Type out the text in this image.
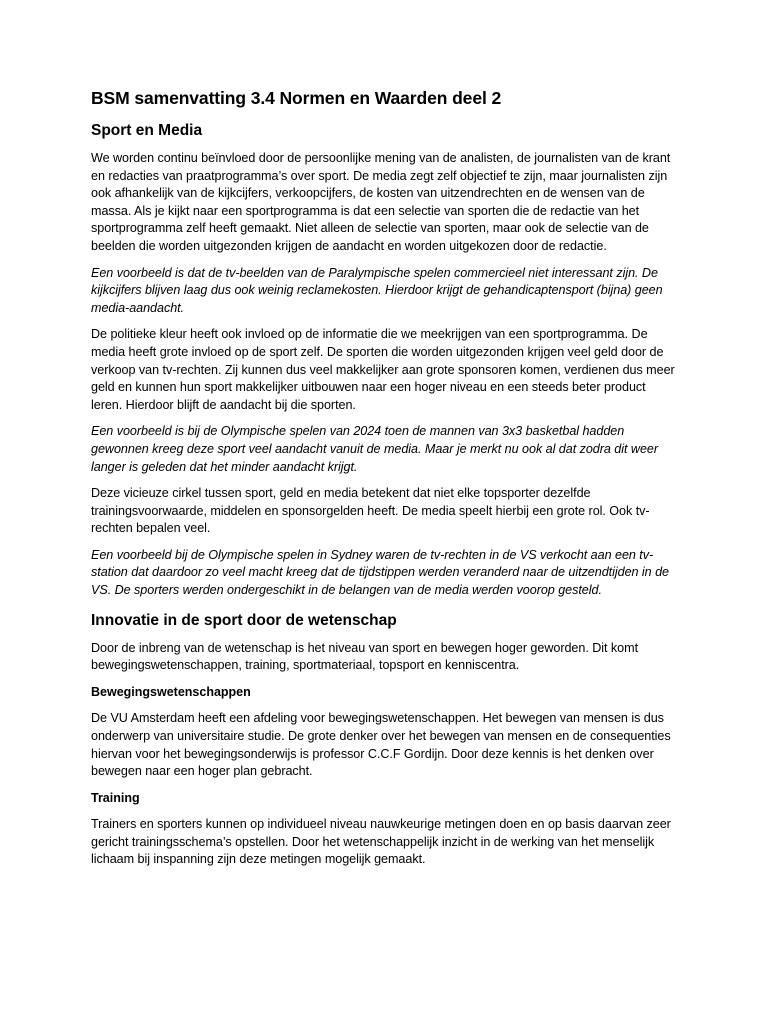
BSM samenvatting 3.4 Normen en Waarden deel 2
Sport en Media

We worden continu beïnvloed door de persoonlijke mening van de analisten, de journalisten van de krant en redacties van praatprogramma’s over sport. De media zegt zelf objectief te zijn, maar journalisten zijn ook afhankelijk van de kijkcijfers, verkoopcijfers, de kosten van uitzendrechten en de wensen van de massa. Als je kijkt naar een sportprogramma is dat een selectie van sporten die de redactie van het sportprogramma zelf heeft gemaakt. Niet alleen de selectie van sporten, maar ook de selectie van de beelden die worden uitgezonden krijgen de aandacht en worden uitgekozen door de redactie.

Een voorbeeld is dat de tv-beelden van de Paralympische spelen commercieel niet interessant zijn. De kijkcijfers blijven laag dus ook weinig reclamekosten. Hierdoor krijgt de gehandicaptensport (bijna) geen media-aandacht.

De politieke kleur heeft ook invloed op de informatie die we meekrijgen van een sportprogramma. De media heeft grote invloed op de sport zelf. De sporten die worden uitgezonden krijgen veel geld door de verkoop van tv-rechten. Zij kunnen dus veel makkelijker aan grote sponsoren komen, verdienen dus meer geld en kunnen hun sport makkelijker uitbouwen naar een hoger niveau en een steeds beter product leren. Hierdoor blijft de aandacht bij die sporten.

Een voorbeeld is bij de Olympische spelen van 2024 toen de mannen van 3x3 basketbal hadden gewonnen kreeg deze sport veel aandacht vanuit de media. Maar je merkt nu ook al dat zodra dit weer langer is geleden dat het minder aandacht krijgt.

Deze vicieuze cirkel tussen sport, geld en media betekent dat niet elke topsporter dezelfde trainingsvoorwaarde, middelen en sponsorgelden heeft. De media speelt hierbij een grote rol. Ook tv-rechten bepalen veel.

Een voorbeeld bij de Olympische spelen in Sydney waren de tv-rechten in de VS verkocht aan een tv-station dat daardoor zo veel macht kreeg dat de tijdstippen werden veranderd naar de uitzendtijden in de VS. De sporters werden ondergeschikt in de belangen van de media werden voorop gesteld.

Innovatie in de sport door de wetenschap

Door de inbreng van de wetenschap is het niveau van sport en bewegen hoger geworden. Dit komt bewegingswetenschappen, training, sportmateriaal, topsport en kenniscentra.

Bewegingswetenschappen

De VU Amsterdam heeft een afdeling voor bewegingswetenschappen. Het bewegen van mensen is dus onderwerp van universitaire studie. De grote denker over het bewegen van mensen en de consequenties hiervan voor het bewegingsonderwijs is professor C.C.F Gordijn. Door deze kennis is het denken over bewegen naar een hoger plan gebracht.

Training

Trainers en sporters kunnen op individueel niveau nauwkeurige metingen doen en op basis daarvan zeer gericht trainingsschema’s opstellen. Door het wetenschappelijk inzicht in de werking van het menselijk lichaam bij inspanning zijn deze metingen mogelijk gemaakt.
